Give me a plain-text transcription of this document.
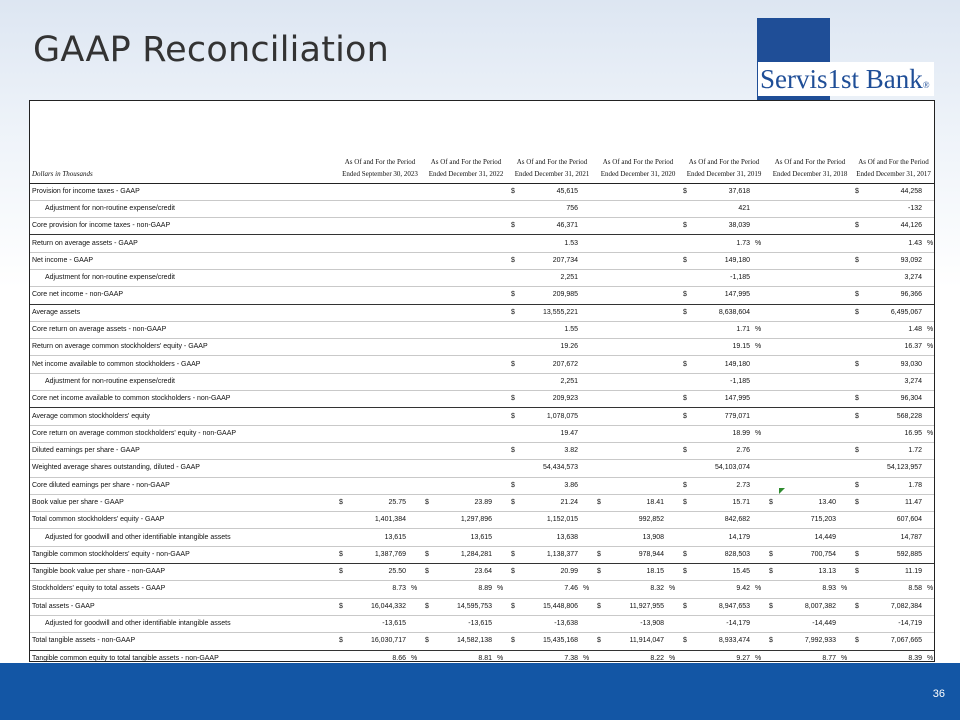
GAAP Reconciliation
Servis1st Bank®
Dollars in Thousands	As Of and For the Period Ended September 30, 2023			As Of and For the Period Ended December 31, 2022			As Of and For the Period Ended December 31, 2021			As Of and For the Period Ended December 31, 2020			As Of and For the Period Ended December 31, 2019			As Of and For the Period Ended December 31, 2018			As Of and For the Period Ended December 31, 2017		
Provision for income taxes - GAAP							$	45,615					$	37,618					$	44,258	
Adjustment for non-routine expense/credit								756						421						-132	
Core provision for income taxes - non-GAAP							$	46,371					$	38,039					$	44,126	
Return on average assets - GAAP								1.53						1.73	%					1.43	%
Net income - GAAP							$	207,734					$	149,180					$	93,092	
Adjustment for non-routine expense/credit								2,251						-1,185						3,274	
Core net income - non-GAAP							$	209,985					$	147,995					$	96,366	
Average assets							$	13,555,221					$	8,638,604					$	6,495,067	
Core return on average assets - non-GAAP								1.55						1.71	%					1.48	%
Return on average common stockholders' equity - GAAP								19.26						19.15	%					16.37	%
Net income available to common stockholders - GAAP							$	207,672					$	149,180					$	93,030	
Adjustment for non-routine expense/credit								2,251						-1,185						3,274	
Core net income available to common stockholders - non-GAAP							$	209,923					$	147,995					$	96,304	
Average common stockholders' equity							$	1,078,075					$	779,071					$	568,228	
Core return on average common stockholders' equity - non-GAAP								19.47						18.99	%					16.95	%
Diluted earnings per share - GAAP							$	3.82					$	2.76					$	1.72	
Weighted average shares outstanding, diluted - GAAP								54,434,573						54,103,074						54,123,957	
Core diluted earnings per share - non-GAAP							$	3.86					$	2.73					$	1.78	
Book value per share - GAAP	$	25.75		$	23.89		$	21.24		$	18.41		$	15.71		$	13.40		$	11.47	
Total common stockholders' equity - GAAP		1,401,384			1,297,896			1,152,015			992,852			842,682			715,203			607,604	
Adjusted for goodwill and other identifiable intangible assets		13,615			13,615			13,638			13,908			14,179			14,449			14,787	
Tangible common stockholders' equity - non-GAAP	$	1,387,769		$	1,284,281		$	1,138,377		$	978,944		$	828,503		$	700,754		$	592,885	
Tangible book value per share - non-GAAP	$	25.50		$	23.64		$	20.99		$	18.15		$	15.45		$	13.13		$	11.19	
Stockholders' equity to total assets - GAAP		8.73	%		8.89	%		7.46	%		8.32	%		9.42	%		8.93	%		8.58	%
Total assets - GAAP	$	16,044,332		$	14,595,753		$	15,448,806		$	11,927,955		$	8,947,653		$	8,007,382		$	7,082,384	
Adjusted for goodwill and other identifiable intangible assets		-13,615			-13,615			-13,638			-13,908			-14,179			-14,449			-14,719	
Total tangible assets - non-GAAP	$	16,030,717		$	14,582,138		$	15,435,168		$	11,914,047		$	8,933,474		$	7,992,933		$	7,067,665	
Tangible common equity to total tangible assets - non-GAAP		8.66	%		8.81	%		7.38	%		8.22	%		9.27	%		8.77	%		8.39	%
36
